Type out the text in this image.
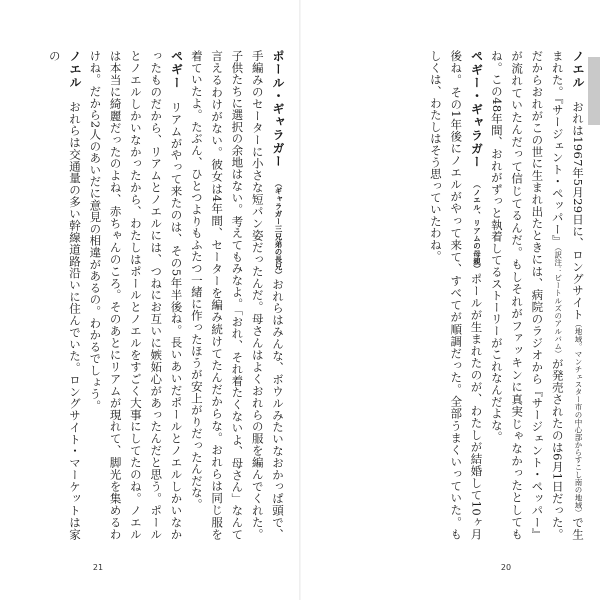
ポール・ギャラガー　（ギャラガー三兄弟の長兄）おれらはみんな、ボウルみたいなおかっぱ頭で、手編みのセーターに小さな短パン姿だったんだ。母さんはよくおれらの服を編んでくれた。子供たちに選択の余地はない。考えてもみなよ。「おれ、それ着たくないよ、母さん」なんて言えるわけがない。彼女は4年間、セーターを編み続けてたんだからな。おれらは同じ服を着ていたよ。たぶん、ひとつよりもふたつ一緒に作ったほうが安上がりだったんだな。

ペギー　リアムがやって来たのは、その5年半後ね。長いあいだポールとノエルしかいなかったものだから、リアムとノエルには、つねにお互いに嫉妬心があったんだと思う。ポールとノエルしかいなかったから、わたしはポールとノエルをすごく大事にしてたのね。ノエルは本当に綺麗だったのよね、赤ちゃんのころ。そのあとにリアムが現れて、脚光を集めるわけね。だから2人のあいだに意見の相違があるの。わかるでしょう。

ノエル　おれらは交通量の多い幹線道路沿いに住んでいた。ロングサイト・マーケットは家の	ノエル　おれは1967年5月29日に、ロングサイト（地域。マンチェスター市の中心部からすこし南の地域）で生まれた。『サージェント・ペッパー』（訳注：ビートルズのアルバム）が発売されたのは6月1日だった。だからおれがこの世に生まれ出たときには、病院のラジオから『サージェント・ペッパー』が流れていたんだって信じてるんだ。もしそれがファッキンに真実じゃなかったとしてもね。この48年間、おれがずっと執着してるストーリーがこれなんだよな。

ペギー・ギャラガー　（ノエル、リアムの母親）ポールが生まれたのが、わたしが結婚して10ヶ月後ね。その1年後にノエルがやって来て、すべてが順調だった。全部うまくいっていた。もしくは、わたしはそう思っていたわね。

21	20
